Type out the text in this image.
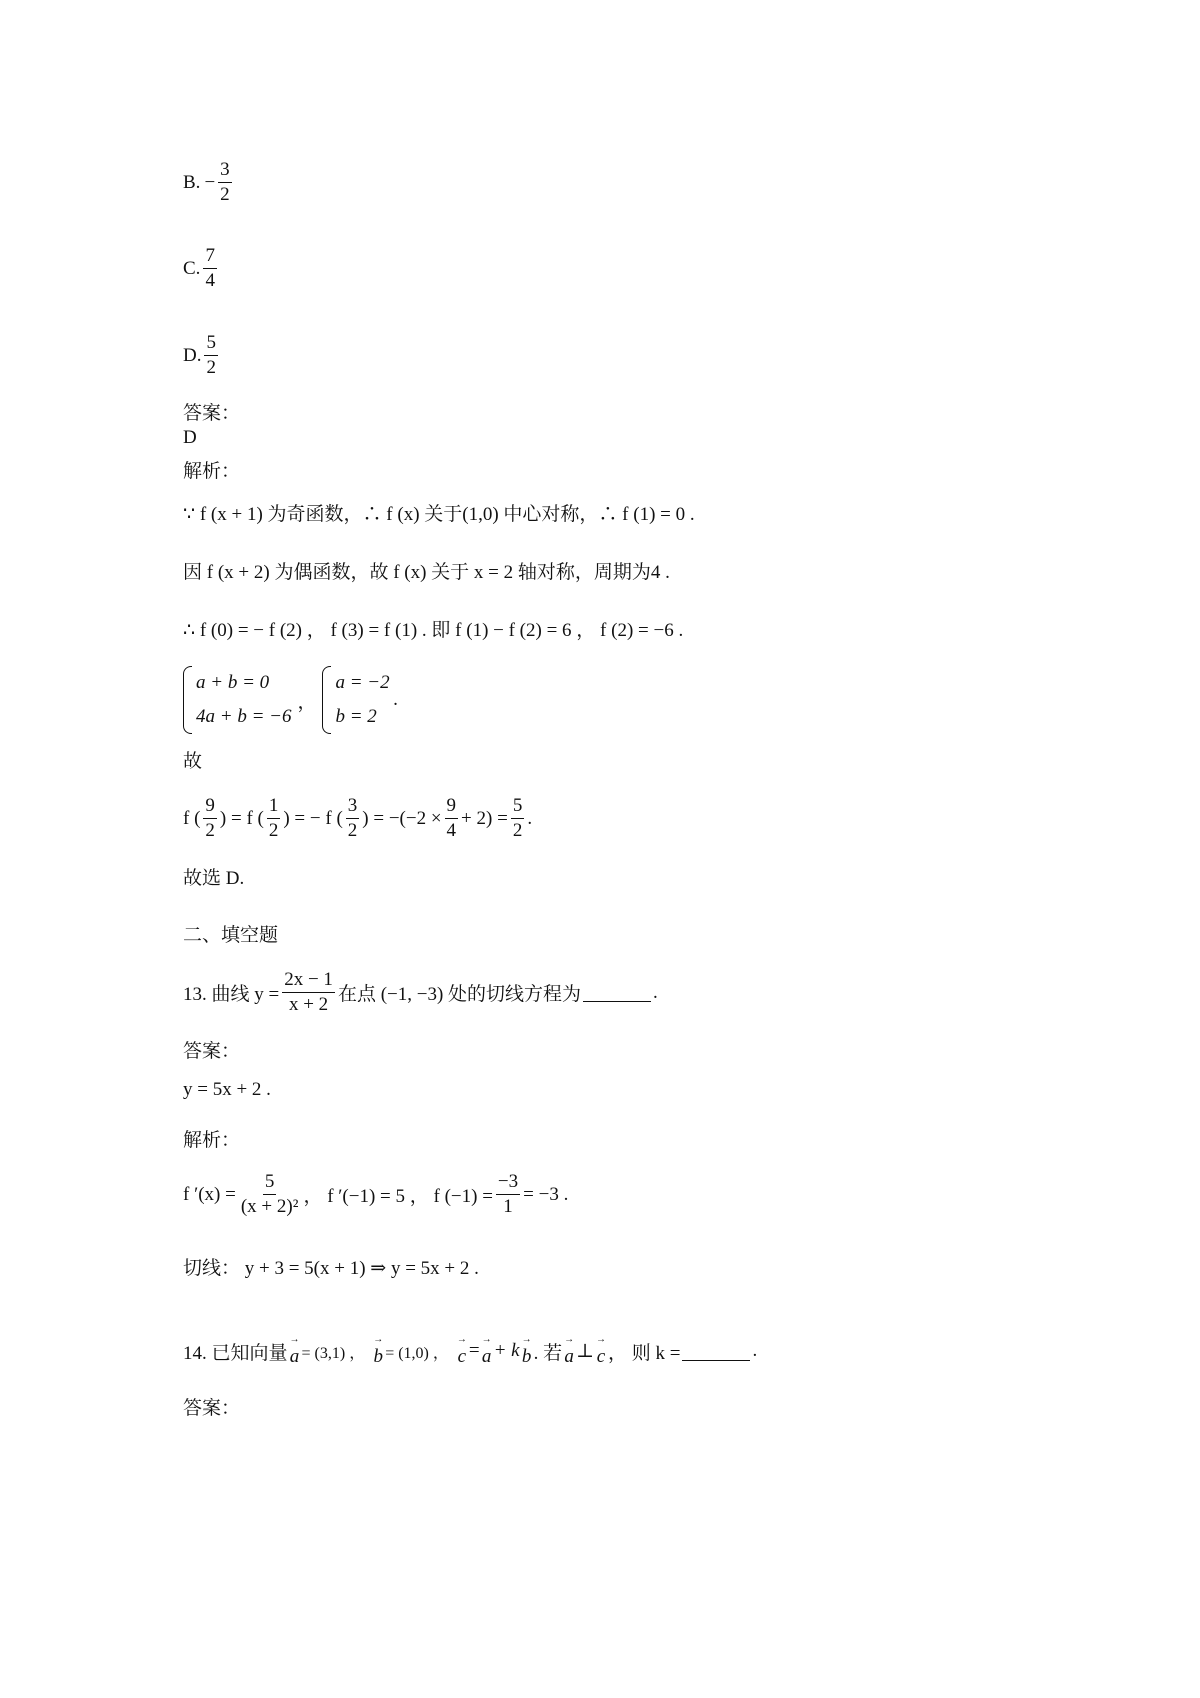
B. − $\frac{3}{2}$
C. $\frac{7}{4}$
D. $\frac{5}{2}$
答案：
D
解析：
∵ f (x + 1) 为奇函数，∴ f (x) 关于(1,0) 中心对称，∴ f (1) = 0 .
因 f (x + 2) 为偶函数，故 f (x) 关于 x = 2 轴对称，周期为4 .
∴ f (0) = − f (2) ， f (3) = f (1) . 即 f (1) − f (2) = 6 ， f (2) = −6 .
a + b = 0
4a + b = −6
，
a = −2
b = 2
.
故
f ( $\frac{9}{2}$ ) = f ( $\frac{1}{2}$ ) = − f ( $\frac{3}{2}$ ) = $-(-2 \times \frac{9}{4} + 2) = \frac{5}{2}$ .
故选 D.
二、填空题
13. 曲线 $y = \frac{2x - 1}{x + 2}$ 在点 (−1, −3) 处的切线方程为	.
答案：
y = 5x + 2 .
解析：
f $'(x) = \frac{5}{\text{(x + 2)²}}$ ， f ′(−1) = 5 ， f $(-1) = \frac{-3}{1} = -3$ .
切线： y + 3 = 5(x + 1) ⇒ y = 5x + 2 .
14. 已知向量
→
a = (3,1) ，
→
b = (1,0) ，
→
c =
→
a + k
→
b . 若
→
a ⊥
→
c ， 则 k =	.
答案：
